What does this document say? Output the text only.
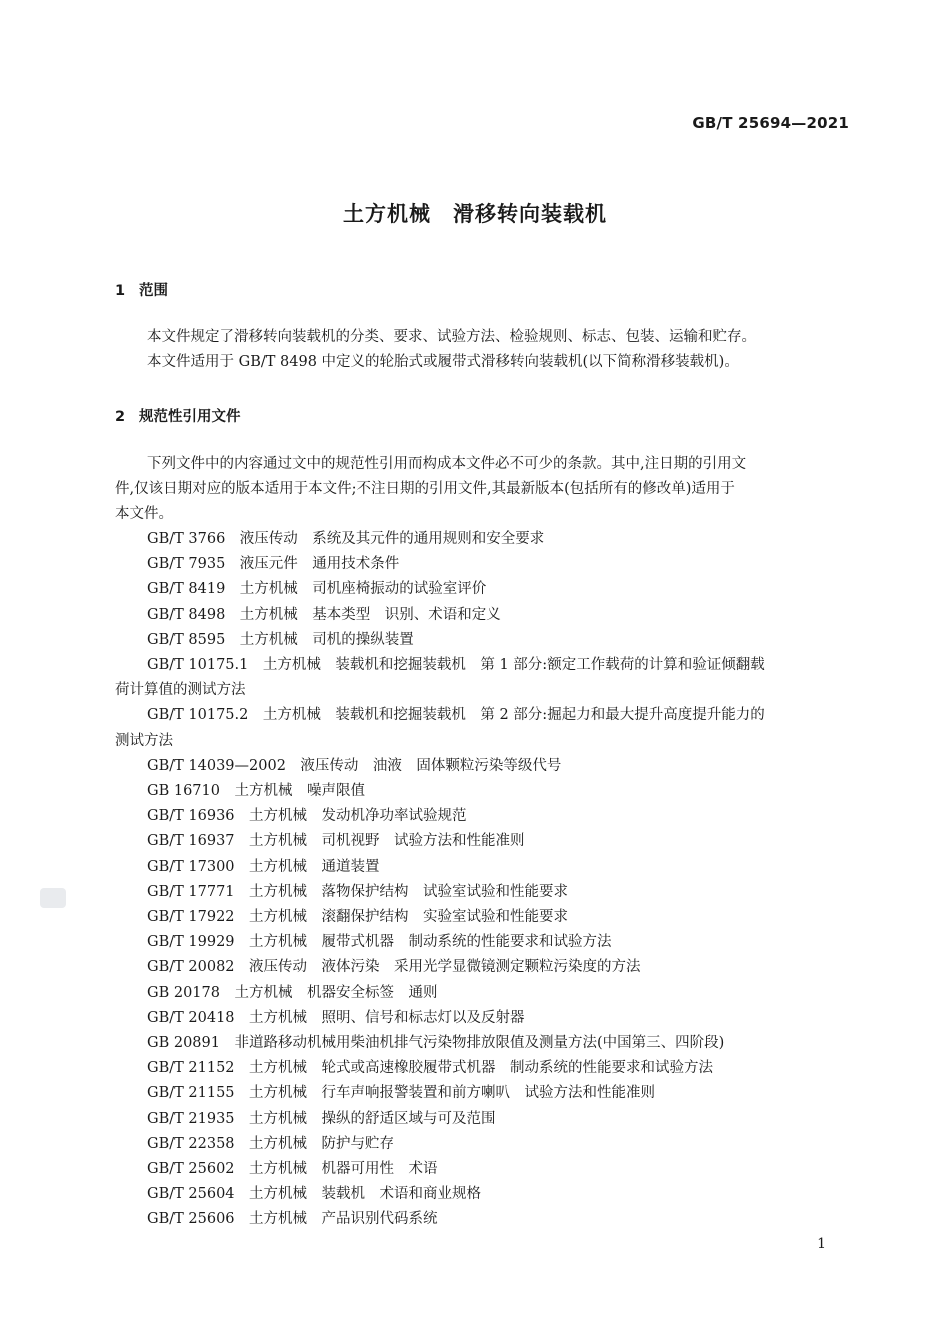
GB/T 25694—2021
土方机械　滑移转向装载机
1 范围
本文件规定了滑移转向装载机的分类、要求、试验方法、检验规则、标志、包装、运输和贮存。
本文件适用于 GB/T 8498 中定义的轮胎式或履带式滑移转向装载机(以下简称滑移装载机)。
2 规范性引用文件
下列文件中的内容通过文中的规范性引用而构成本文件必不可少的条款。其中,注日期的引用文
件,仅该日期对应的版本适用于本文件;不注日期的引用文件,其最新版本(包括所有的修改单)适用于
本文件。
GB/T 3766　液压传动　系统及其元件的通用规则和安全要求
GB/T 7935　液压元件　通用技术条件
GB/T 8419　土方机械　司机座椅振动的试验室评价
GB/T 8498　土方机械　基本类型　识别、术语和定义
GB/T 8595　土方机械　司机的操纵装置
GB/T 10175.1　土方机械　装载机和挖掘装载机　第 1 部分:额定工作载荷的计算和验证倾翻载
荷计算值的测试方法
GB/T 10175.2　土方机械　装载机和挖掘装载机　第 2 部分:掘起力和最大提升高度提升能力的
测试方法
GB/T 14039—2002　液压传动　油液　固体颗粒污染等级代号
GB 16710　土方机械　噪声限值
GB/T 16936　土方机械　发动机净功率试验规范
GB/T 16937　土方机械　司机视野　试验方法和性能准则
GB/T 17300　土方机械　通道装置
GB/T 17771　土方机械　落物保护结构　试验室试验和性能要求
GB/T 17922　土方机械　滚翻保护结构　实验室试验和性能要求
GB/T 19929　土方机械　履带式机器　制动系统的性能要求和试验方法
GB/T 20082　液压传动　液体污染　采用光学显微镜测定颗粒污染度的方法
GB 20178　土方机械　机器安全标签　通则
GB/T 20418　土方机械　照明、信号和标志灯以及反射器
GB 20891　非道路移动机械用柴油机排气污染物排放限值及测量方法(中国第三、四阶段)
GB/T 21152　土方机械　轮式或高速橡胶履带式机器　制动系统的性能要求和试验方法
GB/T 21155　土方机械　行车声响报警装置和前方喇叭　试验方法和性能准则
GB/T 21935　土方机械　操纵的舒适区域与可及范围
GB/T 22358　土方机械　防护与贮存
GB/T 25602　土方机械　机器可用性　术语
GB/T 25604　土方机械　装载机　术语和商业规格
GB/T 25606　土方机械　产品识别代码系统
1
